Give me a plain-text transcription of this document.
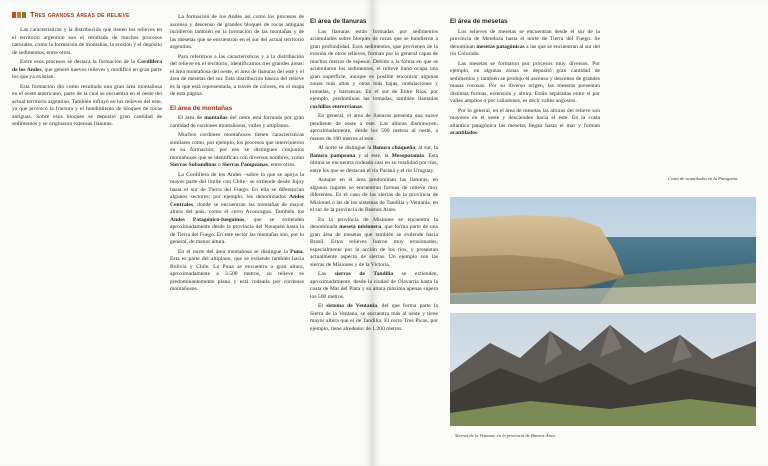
Tres grandes áreas de relieve

Las características y la distribución que tienen los relieves en el territorio argentino son el resultado de muchos procesos naturales, como la formación de montañas, la erosión y el depósito de sedimentos, entre otros.

Entre esos procesos se destaca la formación de la Cordillera de los Andes, que generó nuevos relieves y modificó en gran parte los que ya existían.

Esta formación dio como resultado una gran área montañosa en el oeste americano, parte de la cual se encuentra en el oeste del actual territorio argentino. También influyó en los relieves del este, ya que provocó la fractura y el hundimiento de bloques de rocas antiguas. Sobre esos bloques se depositó gran cantidad de sedimentos y se originaron extensas llanuras.

La formación de los Andes así como los procesos de ascenso y descenso de grandes bloques de rocas antiguas incidieron también en la formación de las montañas y de las mesetas que se encuentran en el sur del actual territorio argentino.

Para referirnos a las características y a la distribución del relieve en el territorio, identificamos tres grandes áreas: el área montañosa del oeste, el área de llanuras del este y el área de mesetas del sur. Esta distribución básica del relieve es la que está representada, a través de colores, en el mapa de esta página.

El área de montañas

El área de montañas del oeste está formada por gran cantidad de cordones montañosos, valles y altiplanos.

Muchos cordones montañosos tienen características similares como, por ejemplo, los procesos que intervinieron en su formación; por eso se distinguen conjuntos montañosos que se identifican con diversos nombres, como Sierras Subandinas o Sierras Pampeanas, entre otros.

La Cordillera de los Andes –sobre la que se apoya la mayor parte del límite con Chile– se extiende desde Jujuy hasta el sur de Tierra del Fuego. En ella se diferencian algunos sectores; por ejemplo, los denominados Andes Centrales, donde se encuentran las montañas de mayor altura del país, como el cerro Aconcagua. También los Andes Patagónico-fueguinos, que se extienden aproximadamente desde la provincia del Neuquén hasta la de Tierra del Fuego. En este sector las montañas son, por lo general, de menor altura.

En el norte del área montañosa se distingue la Puna. Esta es parte del altiplano, que se extiende también hacia Bolivia y Chile. La Puna se encuentra a gran altura, aproximadamente a 3.500 metros, su relieve es predominantemente plano y está rodeada por cordones montañosos.

El área de llanuras

Las llanuras están formadas por sedimentos acumulados sobre bloques de rocas que se hundieron a gran profundidad. Esos sedimentos, que provienen de la erosión de otros relieves, forman por lo general capas de muchos metros de espesor. Debido a la forma en que se acumularon los sedimentos, el relieve llano ocupa una gran superficie, aunque es posible encontrar algunas zonas más altas y otras más bajas, ondulaciones y lomadas, y barrancas. En el sur de Entre Ríos, por ejemplo, predominan las lomadas, también llamadas cuchillas entrerrianas.

En general, el área de llanuras presenta una suave pendiente de oeste a este. Las alturas disminuyen, aproximadamente, desde los 500 metros al oeste, a menos de 100 metros al este.

Al norte se distingue la llanura chaqueña; al sur, la llanura pampeana y al este, la Mesopotamia. Esta última se encuentra rodeada casi en su totalidad por ríos, entre los que se destacan el río Paraná y el río Uruguay.

Aunque en el área predominan las llanuras, en algunos lugares se encuentran formas de relieve muy diferentes. Es el caso de las sierras de la provincia de Misiones o las de los sistemas de Tandilia y Ventania, en el sur de la provincia de Buenos Aires.

En la provincia de Misiones se encuentra la denominada meseta misionera, que forma parte de una gran área de mesetas que también se extiende hacia Brasil. Estos relieves fueron muy erosionados, especialmente por la acción de los ríos, y presentan actualmente aspecto de sierras. Un ejemplo son las sierras de Misiones y de la Victoria.

Las sierras de Tandilia se extienden, aproximadamente, desde la ciudad de Olavarría hasta la costa de Mar del Plata y su altura máxima apenas supera los 500 metros.

El sistema de Ventania, del que forma parte la Sierra de la Ventana, se encuentra más al oeste y tiene mayor altura que el de Tandilia. El cerro Tres Picos, por ejemplo, tiene alrededor de 1.200 metros.

El área de mesetas

Los relieves de mesetas se encuentran desde el sur de la provincia de Mendoza hasta el norte de Tierra del Fuego. Se denominan mesetas patagónicas a las que se encuentran al sur del río Colorado.

Las mesetas se formaron por procesos muy diversos. Por ejemplo, en algunas zonas se depositó gran cantidad de sedimentos y también se produjo el ascenso y descenso de grandes masas rocosas. Por su diverso origen, las mesetas presentan distintas formas, extensión y altura. Están separadas entre sí por valles amplios o por cañadones, es decir valles angostos.

Por lo general, en el área de mesetas las alturas del relieve son mayores en el oeste y descienden hacia el este. En la costa atlántica patagónica las mesetas llegan hasta el mar y forman acantilados.

Costa de acantilados en la Patagonia.
Sierras de la Ventana, en la provincia de Buenos Aires.
